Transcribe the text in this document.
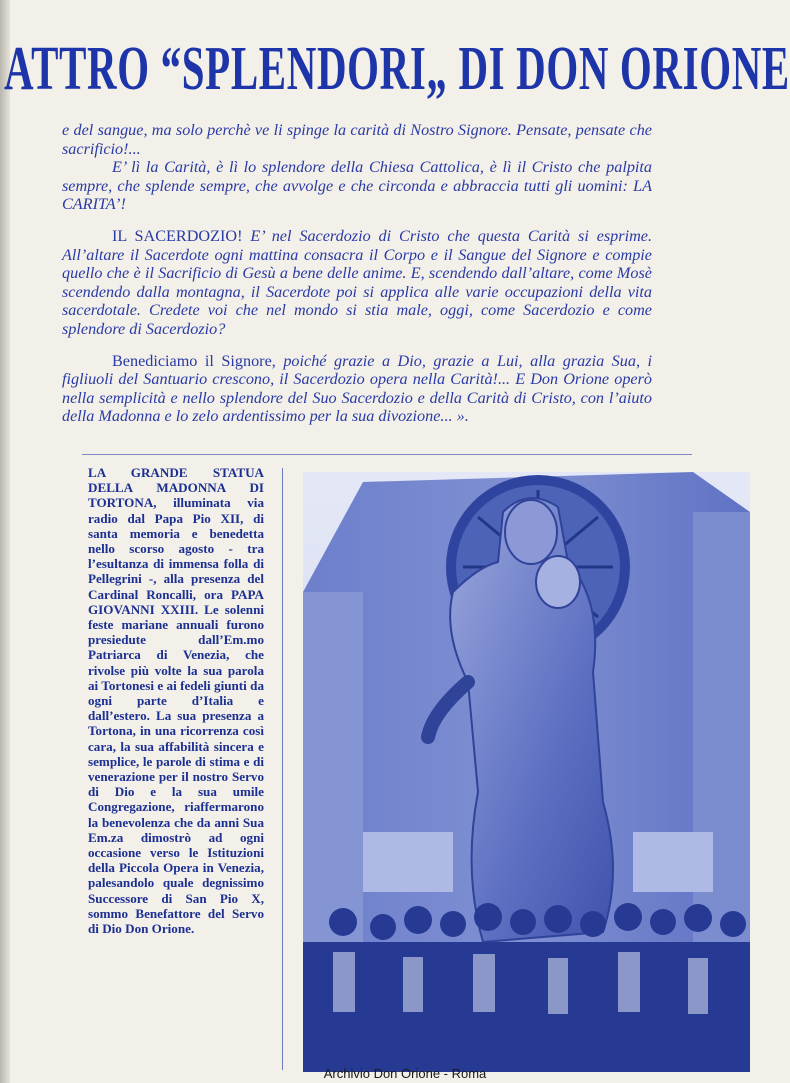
ATTRO “SPLENDORI„ DI DON ORIONE

e del sangue, ma solo perchè ve li spinge la carità di Nostro Signore. Pensate, pensate che sacrificio!...

E’ lì la Carità, è lì lo splendore della Chiesa Cattolica, è lì il Cristo che palpita sempre, che splende sempre, che avvolge e che circonda e abbraccia tutti gli uomini: LA CARITA’!

IL SACERDOZIO! E’ nel Sacerdozio di Cristo che questa Carità si esprime. All’altare il Sacerdote ogni mattina consacra il Corpo e il Sangue del Signore e compie quello che è il Sacrificio di Gesù a bene delle anime. E, scendendo dall’altare, come Mosè scendendo dalla montagna, il Sacerdote poi si applica alle varie occupazioni della vita sacerdotale. Credete voi che nel mondo si stia male, oggi, come Sacerdozio e come splendore di Sacerdozio?

Benediciamo il Signore, poiché grazie a Dio, grazie a Lui, alla grazia Sua, i figliuoli del Santuario crescono, il Sacerdozio opera nella Carità!... E Don Orione operò nella semplicità e nello splendore del Suo Sacerdozio e della Carità di Cristo, con l’aiuto della Madonna e lo zelo ardentissimo per la sua divozione... ».

LA GRANDE STATUA DELLA MADONNA DI TORTONA, illuminata via radio dal Papa Pio XII, di santa memoria e benedetta nello scorso agosto - tra l’esultanza di immensa folla di Pellegrini -, alla presenza del Cardinal Roncalli, ora PAPA GIOVANNI XXIII. Le solenni feste mariane annuali furono presiedute dall’Em.mo Patriarca di Venezia, che rivolse più volte la sua parola ai Tortonesi e ai fedeli giunti da ogni parte d’Italia e dall’estero. La sua presenza a Tortona, in una ricorrenza così cara, la sua affabilità sincera e semplice, le parole di stima e di venerazione per il nostro Servo di Dio e la sua umile Congregazione, riaffermarono la benevolenza che da anni Sua Em.za dimostrò ad ogni occasione verso le Istituzioni della Piccola Opera in Venezia, palesandolo quale degnissimo Successore di San Pio X, sommo Benefattore del Servo di Dio Don Orione.
Archivio Don Orione - Roma
